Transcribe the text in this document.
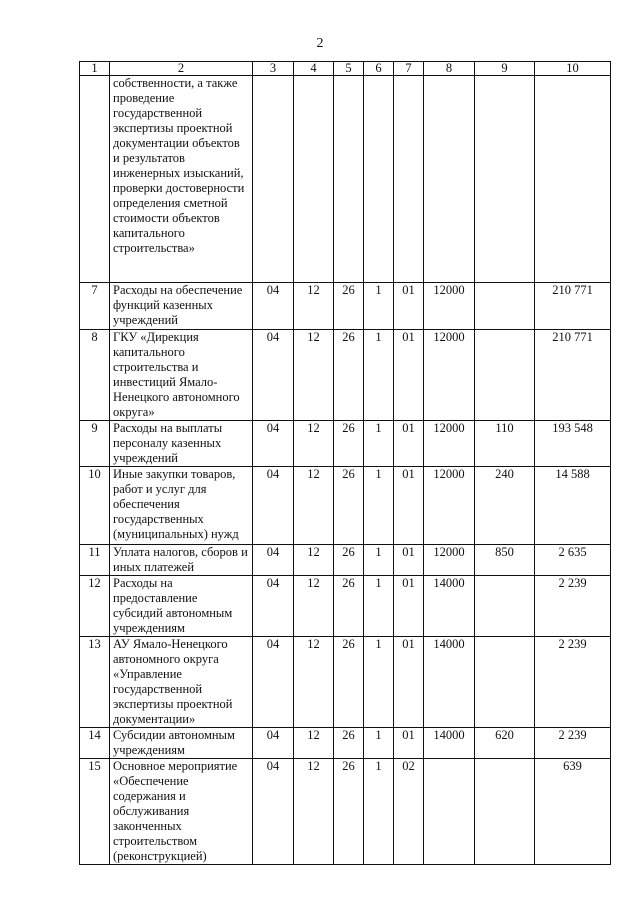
2
1	2	3	4	5	6	7	8	9	10
	собственности, а также проведение государственной экспертизы проектной документации объектов и результатов инженерных изысканий, проверки достоверности определения сметной стоимости объектов капитального строительства»								
7	Расходы на обеспечение функций казенных учреждений	04	12	26	1	01	12000		210 771
8	ГКУ «Дирекция капитального строительства и инвестиций Ямало-Ненецкого автономного округа»	04	12	26	1	01	12000		210 771
9	Расходы на выплаты персоналу казенных учреждений	04	12	26	1	01	12000	110	193 548
10	Иные закупки товаров, работ и услуг для обеспечения государственных (муниципальных) нужд	04	12	26	1	01	12000	240	14 588
11	Уплата налогов, сборов и иных платежей	04	12	26	1	01	12000	850	2 635
12	Расходы на предоставление субсидий автономным учреждениям	04	12	26	1	01	14000		2 239
13	АУ Ямало-Ненецкого автономного округа «Управление государственной экспертизы проектной документации»	04	12	26	1	01	14000		2 239
14	Субсидии автономным учреждениям	04	12	26	1	01	14000	620	2 239
15	Основное мероприятие «Обеспечение содержания и обслуживания законченных строительством (реконструкцией)	04	12	26	1	02			639
